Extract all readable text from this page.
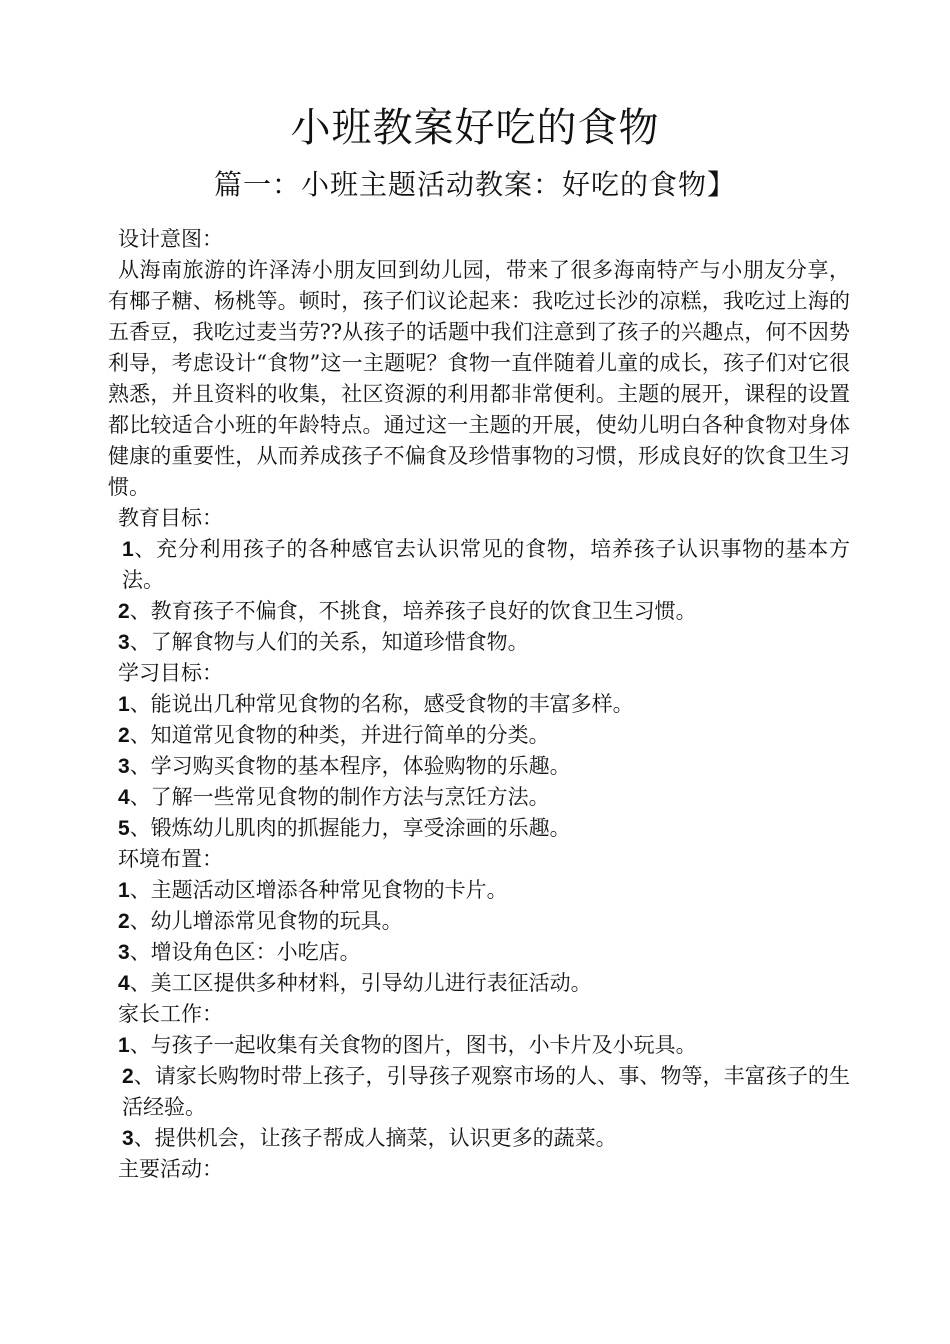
小班教案好吃的食物
篇一：小班主题活动教案：好吃的食物】
设计意图：

从海南旅游的许泽涛小朋友回到幼儿园，带来了很多海南特产与小朋友分享，有椰子糖、杨桃等。顿时，孩子们议论起来：我吃过长沙的凉糕，我吃过上海的五香豆，我吃过麦当劳??从孩子的话题中我们注意到了孩子的兴趣点，何不因势利导，考虑设计“食物”这一主题呢？食物一直伴随着儿童的成长，孩子们对它很熟悉，并且资料的收集，社区资源的利用都非常便利。主题的展开，课程的设置都比较适合小班的年龄特点。通过这一主题的开展，使幼儿明白各种食物对身体健康的重要性，从而养成孩子不偏食及珍惜事物的习惯，形成良好的饮食卫生习惯。

教育目标：
1、充分利用孩子的各种感官去认识常见的食物，培养孩子认识事物的基本方法。
2、教育孩子不偏食，不挑食，培养孩子良好的饮食卫生习惯。
3、了解食物与人们的关系，知道珍惜食物。
学习目标：
1、能说出几种常见食物的名称，感受食物的丰富多样。
2、知道常见食物的种类，并进行简单的分类。
3、学习购买食物的基本程序，体验购物的乐趣。
4、了解一些常见食物的制作方法与烹饪方法。
5、锻炼幼儿肌肉的抓握能力，享受涂画的乐趣。
环境布置：
1、主题活动区增添各种常见食物的卡片。
2、幼儿增添常见食物的玩具。
3、增设角色区：小吃店。
4、美工区提供多种材料，引导幼儿进行表征活动。
家长工作：
1、与孩子一起收集有关食物的图片，图书，小卡片及小玩具。
2、请家长购物时带上孩子，引导孩子观察市场的人、事、物等，丰富孩子的生活经验。
3、提供机会，让孩子帮成人摘菜，认识更多的蔬菜。
主要活动：
